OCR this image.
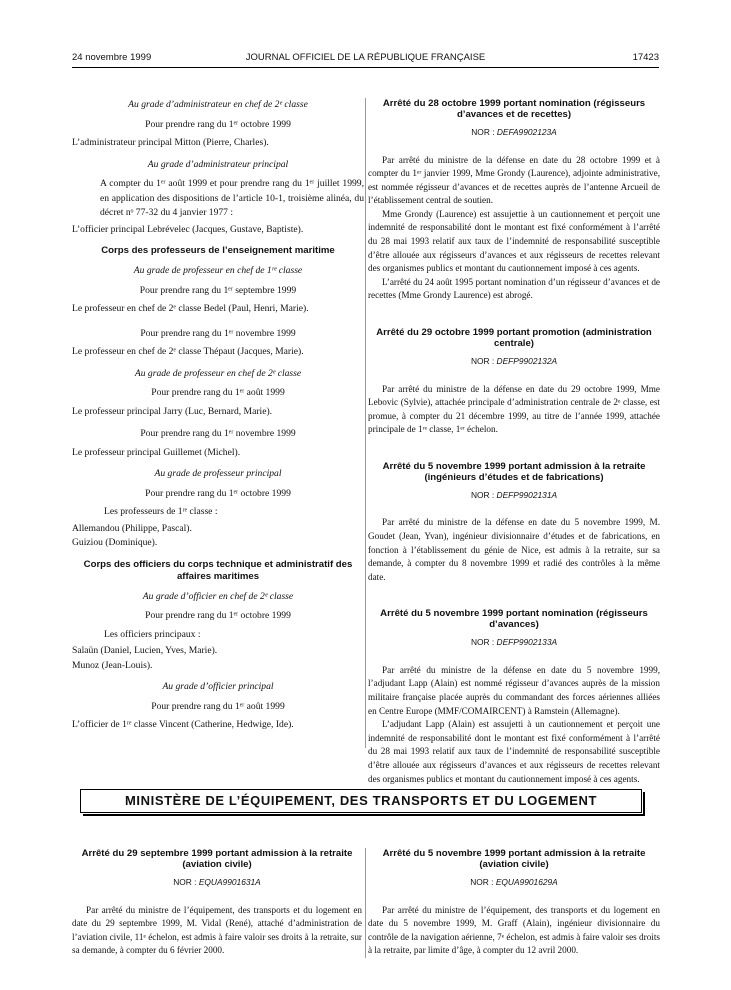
24 novembre 1999	JOURNAL OFFICIEL DE LA RÉPUBLIQUE FRANÇAISE	17423
Au grade d’administrateur en chef de 2ᵉ classe
Pour prendre rang du 1ᵉʳ octobre 1999
L’administrateur principal Mitton (Pierre, Charles).
Au grade d’administrateur principal
A compter du 1ᵉʳ août 1999 et pour prendre rang du 1ᵉʳ juillet 1999, en application des dispositions de l’article 10-1, troisième alinéa, du décret nᵒ 77-32 du 4 janvier 1977 :
L’officier principal Lebrévelec (Jacques, Gustave, Baptiste).
Corps des professeurs de l’enseignement maritime
Au grade de professeur en chef de 1ʳᵉ classe
Pour prendre rang du 1ᵉʳ septembre 1999
Le professeur en chef de 2ᵉ classe Bedel (Paul, Henri, Marie).
Pour prendre rang du 1ᵉʳ novembre 1999
Le professeur en chef de 2ᵉ classe Thépaut (Jacques, Marie).
Au grade de professeur en chef de 2ᵉ classe
Pour prendre rang du 1ᵉʳ août 1999
Le professeur principal Jarry (Luc, Bernard, Marie).
Pour prendre rang du 1ᵉʳ novembre 1999
Le professeur principal Guillemet (Michel).
Au grade de professeur principal
Pour prendre rang du 1ᵉʳ octobre 1999
Les professeurs de 1ʳᵉ classe :
Allemandou (Philippe, Pascal).
Guiziou (Dominique).
Corps des officiers du corps technique et administratif des affaires maritimes
Au grade d’officier en chef de 2ᵉ classe
Pour prendre rang du 1ᵉʳ octobre 1999
Les officiers principaux :
Salaün (Daniel, Lucien, Yves, Marie).
Munoz (Jean-Louis).
Au grade d’officier principal
Pour prendre rang du 1ᵉʳ août 1999
L’officier de 1ʳᵉ classe Vincent (Catherine, Hedwige, Ide).
Arrêté du 28 octobre 1999 portant nomination (régisseurs d’avances et de recettes)
NOR : DEFA9902123A

Par arrêté du ministre de la défense en date du 28 octobre 1999 et à compter du 1ᵉʳ janvier 1999, Mme Grondy (Laurence), adjointe administrative, est nommée régisseur d’avances et de recettes auprès de l’antenne Arcueil de l’établissement central de soutien.

Mme Grondy (Laurence) est assujettie à un cautionnement et perçoit une indemnité de responsabilité dont le montant est fixé conformément à l’arrêté du 28 mai 1993 relatif aux taux de l’indemnité de responsabilité susceptible d’être allouée aux régisseurs d’avances et aux régisseurs de recettes relevant des organismes publics et montant du cautionnement imposé à ces agents.

L’arrêté du 24 août 1995 portant nomination d’un régisseur d’avances et de recettes (Mme Grondy Laurence) est abrogé.

Arrêté du 29 octobre 1999 portant promotion (administration centrale)
NOR : DEFP9902132A

Par arrêté du ministre de la défense en date du 29 octobre 1999, Mme Lebovic (Sylvie), attachée principale d’administration centrale de 2ᵉ classe, est promue, à compter du 21 décembre 1999, au titre de l’année 1999, attachée principale de 1ʳᵉ classe, 1ᵉʳ échelon.

Arrêté du 5 novembre 1999 portant admission à la retraite (ingénieurs d’études et de fabrications)
NOR : DEFP9902131A

Par arrêté du ministre de la défense en date du 5 novembre 1999, M. Goudet (Jean, Yvan), ingénieur divisionnaire d’études et de fabrications, en fonction à l’établissement du génie de Nice, est admis à la retraite, sur sa demande, à compter du 8 novembre 1999 et radié des contrôles à la même date.

Arrêté du 5 novembre 1999 portant nomination (régisseurs d’avances)
NOR : DEFP9902133A

Par arrêté du ministre de la défense en date du 5 novembre 1999, l’adjudant Lapp (Alain) est nommé régisseur d’avances auprès de la mission militaire française placée auprès du commandant des forces aériennes alliées en Centre Europe (MMF/COMAIRCENT) à Ramstein (Allemagne).

L’adjudant Lapp (Alain) est assujetti à un cautionnement et perçoit une indemnité de responsabilité dont le montant est fixé conformément à l’arrêté du 28 mai 1993 relatif aux taux de l’indemnité de responsabilité susceptible d’être allouée aux régisseurs d’avances et aux régisseurs de recettes relevant des organismes publics et montant du cautionnement imposé à ces agents.

MINISTÈRE DE L’ÉQUIPEMENT, DES TRANSPORTS ET DU LOGEMENT
Arrêté du 29 septembre 1999 portant admission à la retraite (aviation civile)
NOR : EQUA9901631A

Par arrêté du ministre de l’équipement, des transports et du logement en date du 29 septembre 1999, M. Vidal (René), attaché d’administration de l’aviation civile, 11ᵉ échelon, est admis à faire valoir ses droits à la retraite, sur sa demande, à compter du 6 février 2000.

Arrêté du 5 novembre 1999 portant admission à la retraite (aviation civile)
NOR : EQUA9901629A

Par arrêté du ministre de l’équipement, des transports et du logement en date du 5 novembre 1999, M. Graff (Alain), ingénieur divisionnaire du contrôle de la navigation aérienne, 7ᵉ échelon, est admis à faire valoir ses droits à la retraite, par limite d’âge, à compter du 12 avril 2000.
